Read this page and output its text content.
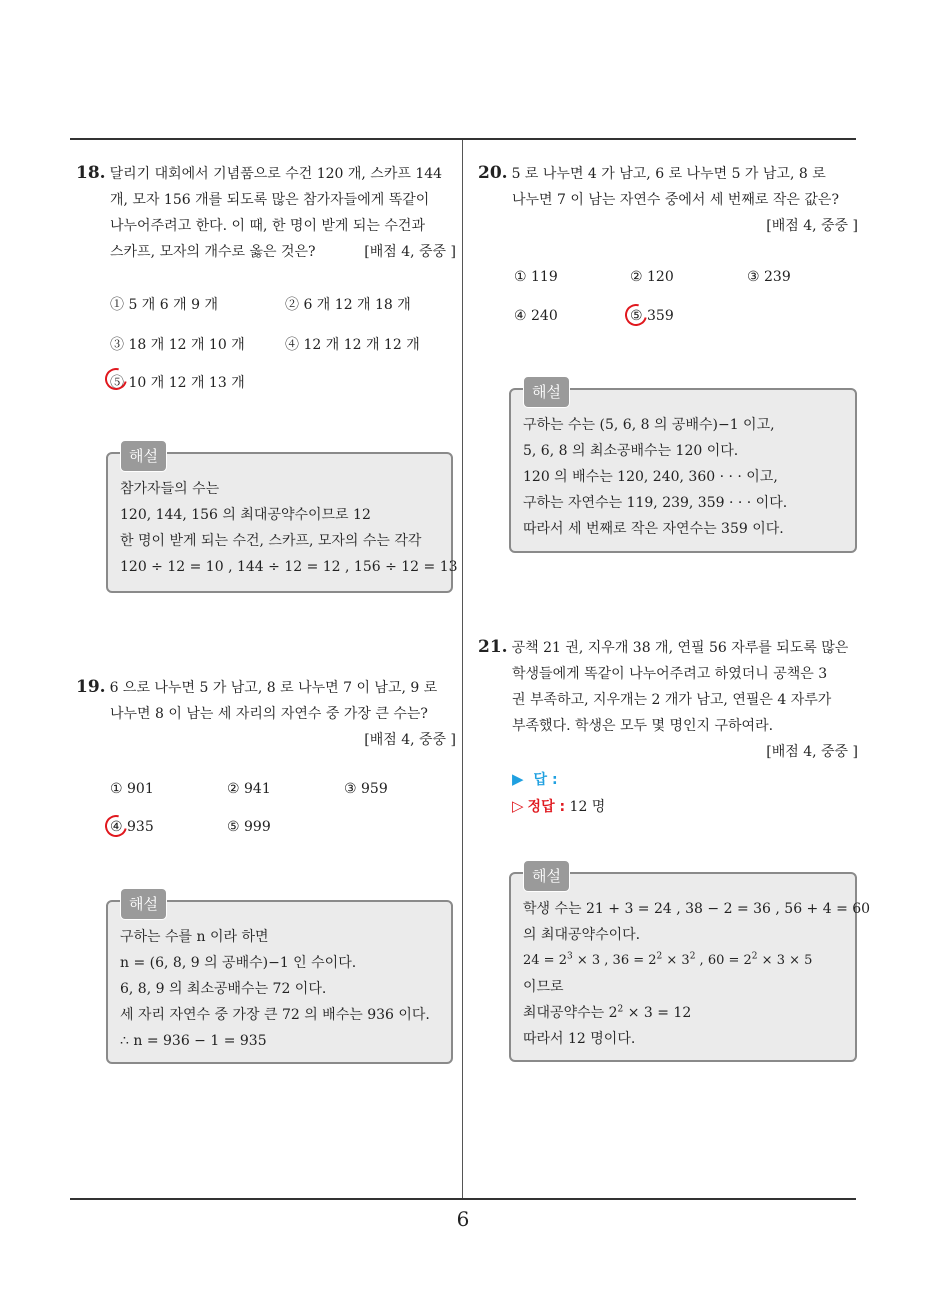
18. 달리기 대회에서 기념품으로 수건 120 개, 스카프 144
개, 모자 156 개를 되도록 많은 참가자들에게 똑같이
나누어주려고 한다. 이 때, 한 명이 받게 되는 수건과
스카프, 모자의 개수로 옳은 것은?	[배점 4, 중중 ]
① 5 개 6 개 9 개	② 6 개 12 개 18 개
③ 18 개 12 개 10 개	④ 12 개 12 개 12 개
⑤ 10 개 12 개 13 개
해설
참가자들의 수는
120, 144, 156 의 최대공약수이므로 12
한 명이 받게 되는 수건, 스카프, 모자의 수는 각각
120 ÷ 12 = 10 , 144 ÷ 12 = 12 , 156 ÷ 12 = 13
19. 6 으로 나누면 5 가 남고, 8 로 나누면 7 이 남고, 9 로
나누면 8 이 남는 세 자리의 자연수 중 가장 큰 수는?
[배점 4, 중중 ]
① 901	② 941	③ 959
④ 935	⑤ 999
해설
구하는 수를 n 이라 하면
n = (6, 8, 9 의 공배수)−1 인 수이다.
6, 8, 9 의 최소공배수는 72 이다.
세 자리 자연수 중 가장 큰 72 의 배수는 936 이다.
∴ n = 936 − 1 = 935
20. 5 로 나누면 4 가 남고, 6 로 나누면 5 가 남고, 8 로
나누면 7 이 남는 자연수 중에서 세 번째로 작은 값은?
[배점 4, 중중 ]
① 119	② 120	③ 239
④ 240	⑤ 359
해설
구하는 수는 (5, 6, 8 의 공배수)−1 이고,
5, 6, 8 의 최소공배수는 120 이다.
120 의 배수는 120, 240, 360 · · · 이고,
구하는 자연수는 119, 239, 359 · · · 이다.
따라서 세 번째로 작은 자연수는 359 이다.
21. 공책 21 권, 지우개 38 개, 연필 56 자루를 되도록 많은
학생들에게 똑같이 나누어주려고 하였더니 공책은 3
권 부족하고, 지우개는 2 개가 남고, 연필은 4 자루가
부족했다. 학생은 모두 몇 명인지 구하여라.
[배점 4, 중중 ]
▶ 답 :
▷ 정답 : 12 명
해설
학생 수는 21 + 3 = 24 , 38 − 2 = 36 , 56 + 4 = 60
의 최대공약수이다.
$24 = 2^3 \times 3$ , $36 = 2^2 \times 3^2$ , $60 = 2^2 \times 3 \times 5$
이므로
최대공약수는 $2^2 \times 3 = 12$
따라서 12 명이다.
6
